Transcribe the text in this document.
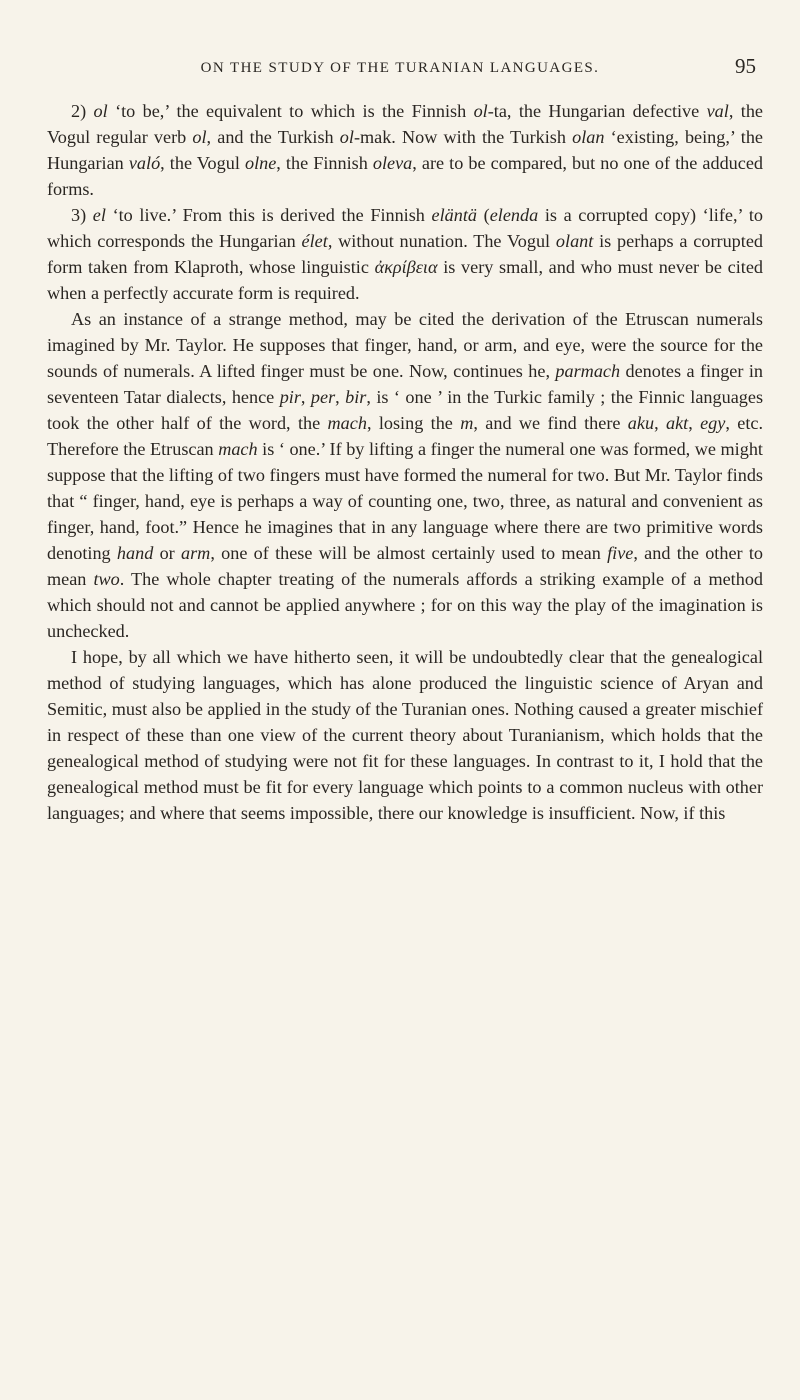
ON THE STUDY OF THE TURANIAN LANGUAGES.	95

2) ol ‘to be,’ the equivalent to which is the Finnish ol-ta, the Hungarian defective val, the Vogul regular verb ol, and the Turkish ol-mak. Now with the Turkish olan ‘existing, being,’ the Hungarian való, the Vogul olne, the Finnish oleva, are to be compared, but no one of the adduced forms.

3) el ‘to live.’ From this is derived the Finnish eläntä (elenda is a corrupted copy) ‘life,’ to which corresponds the Hungarian élet, without nunation. The Vogul olant is perhaps a corrupted form taken from Klaproth, whose linguistic ἀκρίβεια is very small, and who must never be cited when a perfectly accurate form is required.

As an instance of a strange method, may be cited the derivation of the Etruscan numerals imagined by Mr. Taylor. He supposes that finger, hand, or arm, and eye, were the source for the sounds of numerals. A lifted finger must be one. Now, continues he, parmach denotes a finger in seventeen Tatar dialects, hence pir, per, bir, is ‘ one ’ in the Turkic family ; the Finnic languages took the other half of the word, the mach, losing the m, and we find there aku, akt, egy, etc. Therefore the Etruscan mach is ‘ one.’ If by lifting a finger the numeral one was formed, we might suppose that the lifting of two fingers must have formed the numeral for two. But Mr. Taylor finds that “ finger, hand, eye is perhaps a way of counting one, two, three, as natural and convenient as finger, hand, foot.” Hence he imagines that in any language where there are two primitive words denoting hand or arm, one of these will be almost certainly used to mean five, and the other to mean two. The whole chapter treating of the numerals affords a striking example of a method which should not and cannot be applied anywhere ; for on this way the play of the imagination is unchecked.

I hope, by all which we have hitherto seen, it will be undoubtedly clear that the genealogical method of studying languages, which has alone produced the linguistic science of Aryan and Semitic, must also be applied in the study of the Turanian ones. Nothing caused a greater mischief in respect of these than one view of the current theory about Turanianism, which holds that the genealogical method of studying were not fit for these languages. In contrast to it, I hold that the genealogical method must be fit for every language which points to a common nucleus with other languages; and where that seems impossible, there our knowledge is insufficient. Now, if this
